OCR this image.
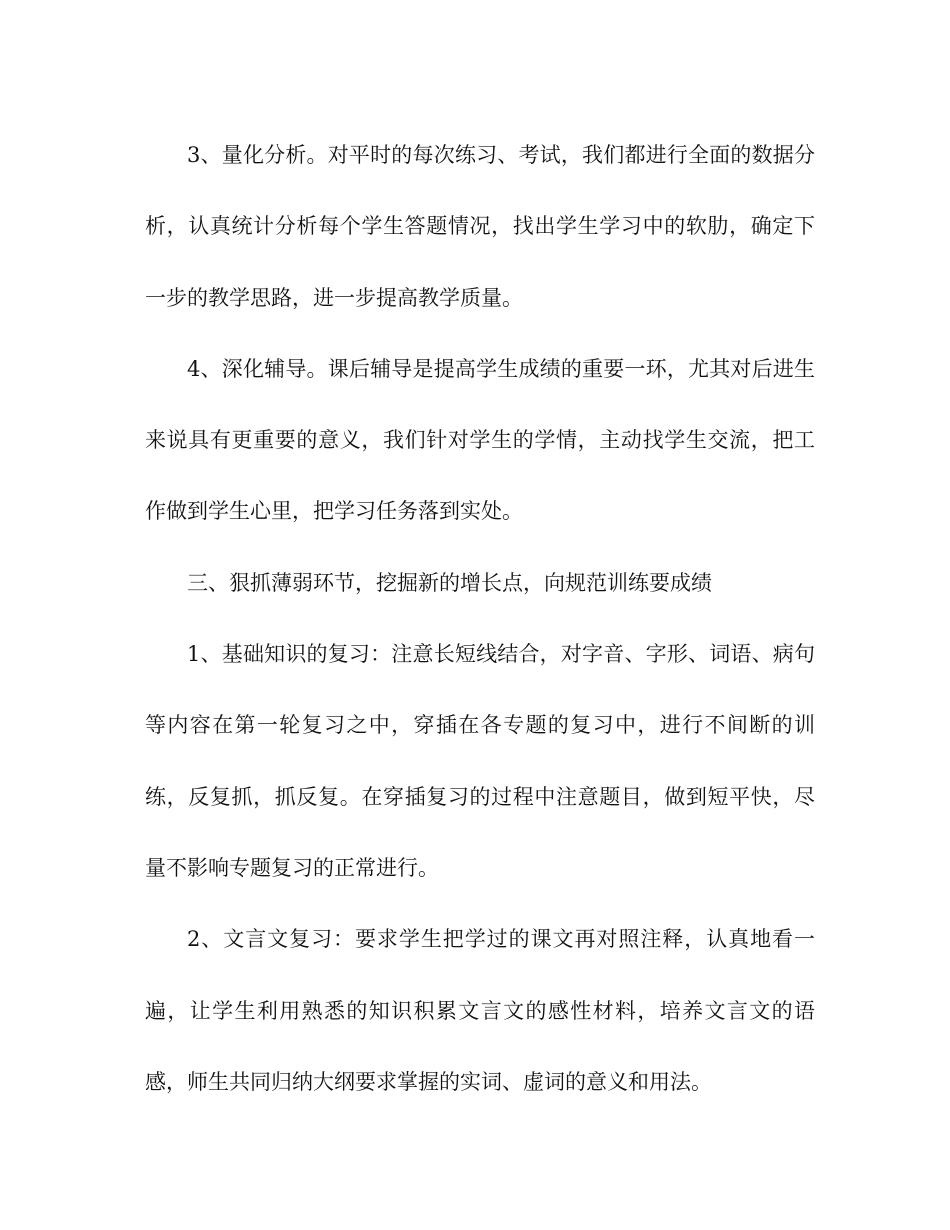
3、量化分析。对平时的每次练习、考试，我们都进行全面的数据分析，认真统计分析每个学生答题情况，找出学生学习中的软肋，确定下一步的教学思路，进一步提高教学质量。

4、深化辅导。课后辅导是提高学生成绩的重要一环，尤其对后进生来说具有更重要的意义，我们针对学生的学情，主动找学生交流，把工作做到学生心里，把学习任务落到实处。

三、狠抓薄弱环节，挖掘新的增长点，向规范训练要成绩

1、基础知识的复习：注意长短线结合，对字音、字形、词语、病句等内容在第一轮复习之中，穿插在各专题的复习中，进行不间断的训练，反复抓，抓反复。在穿插复习的过程中注意题目，做到短平快，尽量不影响专题复习的正常进行。

2、文言文复习：要求学生把学过的课文再对照注释，认真地看一遍，让学生利用熟悉的知识积累文言文的感性材料，培养文言文的语感，师生共同归纳大纲要求掌握的实词、虚词的意义和用法。
